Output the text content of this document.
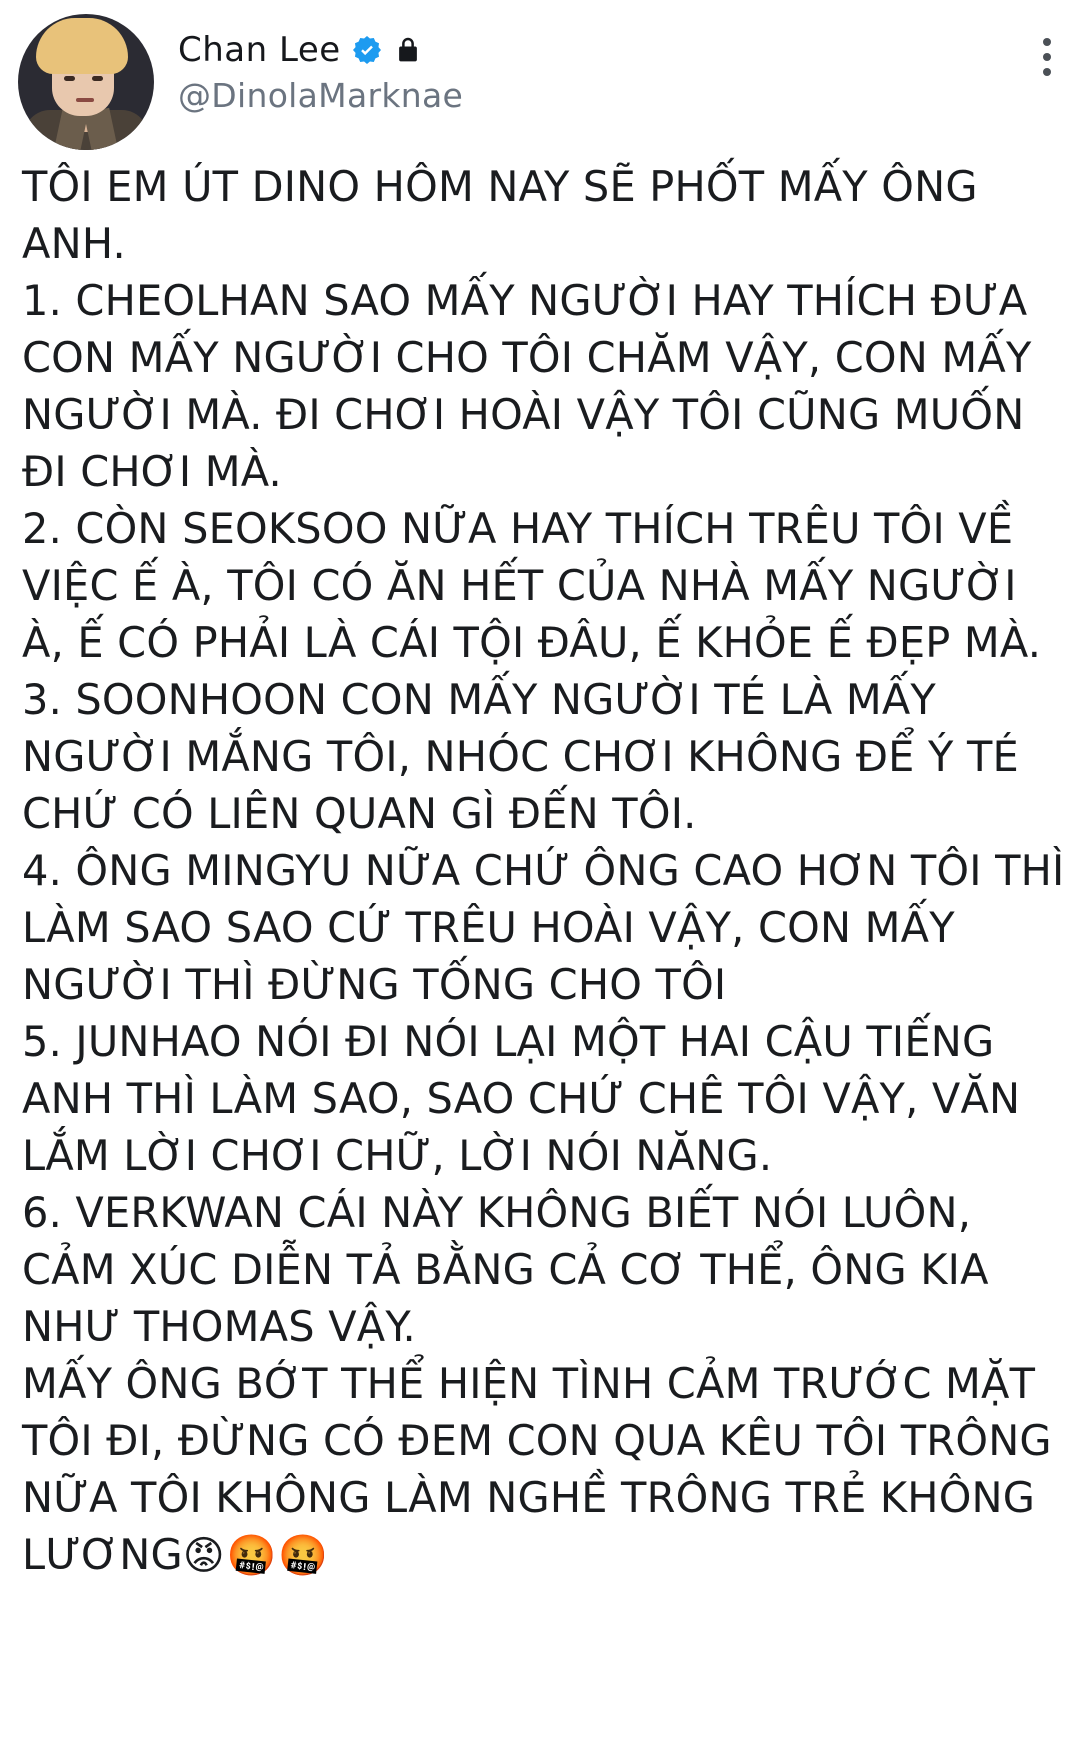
Chan Lee
@DinolaMarknae
TÔI EM ÚT DINO HÔM NAY SẼ PHỐT MẤY ÔNG ANH.
1. CHEOLHAN SAO MẤY NGƯỜI HAY THÍCH ĐƯA CON MẤY NGƯỜI CHO TÔI CHĂM VẬY, CON MẤY NGƯỜI MÀ. ĐI CHƠI HOÀI VẬY TÔI CŨNG MUỐN ĐI CHƠI MÀ.
2. CÒN SEOKSOO NỮA HAY THÍCH TRÊU TÔI VỀ VIỆC Ế À, TÔI CÓ ĂN HẾT CỦA NHÀ MẤY NGƯỜI À, Ế CÓ PHẢI LÀ CÁI TỘI ĐÂU, Ế KHỎE Ế ĐẸP MÀ.
3. SOONHOON CON MẤY NGƯỜI TÉ LÀ MẤY NGƯỜI MẮNG TÔI, NHÓC CHƠI KHÔNG ĐỂ Ý TÉ CHỨ CÓ LIÊN QUAN GÌ ĐẾN TÔI.
4. ÔNG MINGYU NỮA CHỨ ÔNG CAO HƠN TÔI THÌ LÀM SAO SAO CỨ TRÊU HOÀI VẬY, CON MẤY NGƯỜI THÌ ĐỪNG TỐNG CHO TÔI
5. JUNHAO NÓI ĐI NÓI LẠI MỘT HAI CẬU TIẾNG ANH THÌ LÀM SAO, SAO CHỨ CHÊ TÔI VẬY, VĂN LẮM LỜI CHƠI CHỮ, LỜI NÓI NĂNG.
6. VERKWAN CÁI NÀY KHÔNG BIẾT NÓI LUÔN, CẢM XÚC DIỄN TẢ BẰNG CẢ CƠ THỂ, ÔNG KIA NHƯ THOMAS VẬY.
MẤY ÔNG BỚT THỂ HIỆN TÌNH CẢM TRƯỚC MẶT TÔI ĐI, ĐỪNG CÓ ĐEM CON QUA KÊU TÔI TRÔNG NỮA TÔI KHÔNG LÀM NGHỀ TRÔNG TRẺ KHÔNG LƯƠNG😡🤬🤬
